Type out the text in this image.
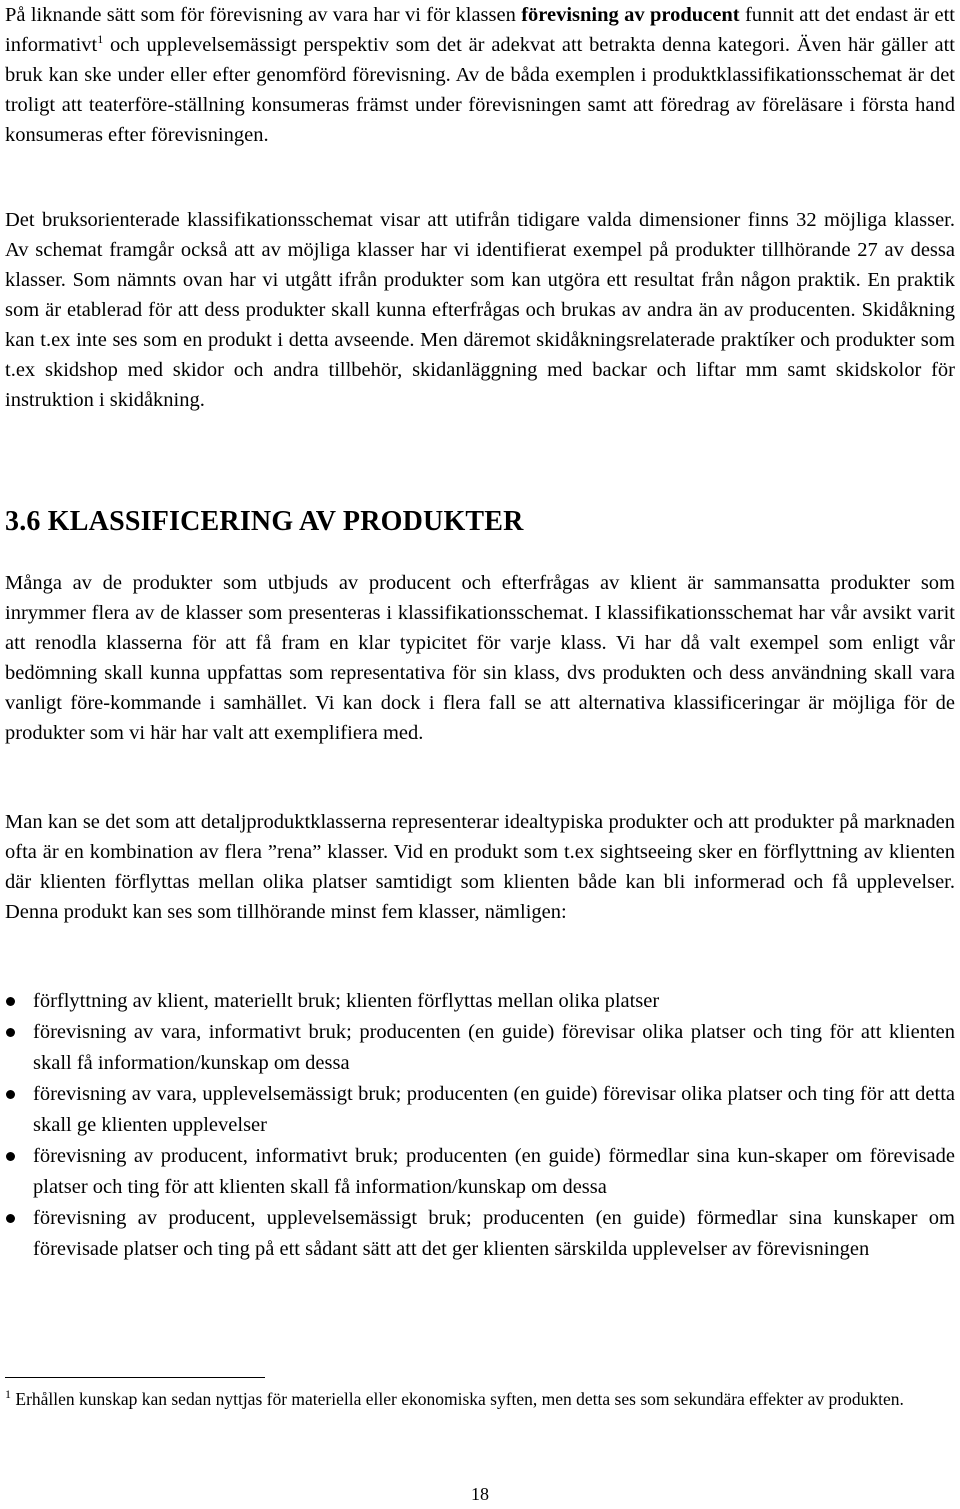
På liknande sätt som för förevisning av vara har vi för klassen förevisning av producent funnit att det endast är ett informativt$^1$ och upplevelsemässigt perspektiv som det är adekvat att betrakta denna kategori. Även här gäller att bruk kan ske under eller efter genomförd förevisning. Av de båda exemplen i produktklassifikationsschemat är det troligt att teaterföre-ställning konsumeras främst under förevisningen samt att föredrag av föreläsare i första hand konsumeras efter förevisningen.

Det bruksorienterade klassifikationsschemat visar att utifrån tidigare valda dimensioner finns 32 möjliga klasser. Av schemat framgår också att av möjliga klasser har vi identifierat exempel på produkter tillhörande 27 av dessa klasser. Som nämnts ovan har vi utgått ifrån produkter som kan utgöra ett resultat från någon praktik. En praktik som är etablerad för att dess produkter skall kunna efterfrågas och brukas av andra än av producenten. Skidåkning kan t.ex inte ses som en produkt i detta avseende. Men däremot skidåkningsrelaterade praktíker och produkter som t.ex skidshop med skidor och andra tillbehör, skidanläggning med backar och liftar mm samt skidskolor för instruktion i skidåkning.

3.6 KLASSIFICERING AV PRODUKTER

Många av de produkter som utbjuds av producent och efterfrågas av klient är sammansatta produkter som inrymmer flera av de klasser som presenteras i klassifikationsschemat. I klassifikationsschemat har vår avsikt varit att renodla klasserna för att få fram en klar typicitet för varje klass. Vi har då valt exempel som enligt vår bedömning skall kunna uppfattas som representativa för sin klass, dvs produkten och dess användning skall vara vanligt före-kommande i samhället. Vi kan dock i flera fall se att alternativa klassificeringar är möjliga för de produkter som vi här har valt att exemplifiera med.

Man kan se det som att detaljproduktklasserna representerar idealtypiska produkter och att produkter på marknaden ofta är en kombination av flera ”rena” klasser. Vid en produkt som t.ex sightseeing sker en förflyttning av klienten där klienten förflyttas mellan olika platser samtidigt som klienten både kan bli informerad och få upplevelser. Denna produkt kan ses som tillhörande minst fem klasser, nämligen:

förflyttning av klient, materiellt bruk; klienten förflyttas mellan olika platser
förevisning av vara, informativt bruk; producenten (en guide) förevisar olika platser och ting för att klienten skall få information/kunskap om dessa
förevisning av vara, upplevelsemässigt bruk; producenten (en guide) förevisar olika platser och ting för att detta skall ge klienten upplevelser
förevisning av producent, informativt bruk; producenten (en guide) förmedlar sina kun-skaper om förevisade platser och ting för att klienten skall få information/kunskap om dessa
förevisning av producent, upplevelsemässigt bruk; producenten (en guide) förmedlar sina kunskaper om förevisade platser och ting på ett sådant sätt att det ger klienten särskilda upplevelser av förevisningen

$^1$ Erhållen kunskap kan sedan nyttjas för materiella eller ekonomiska syften, men detta ses som sekundära effekter av produkten.

18
